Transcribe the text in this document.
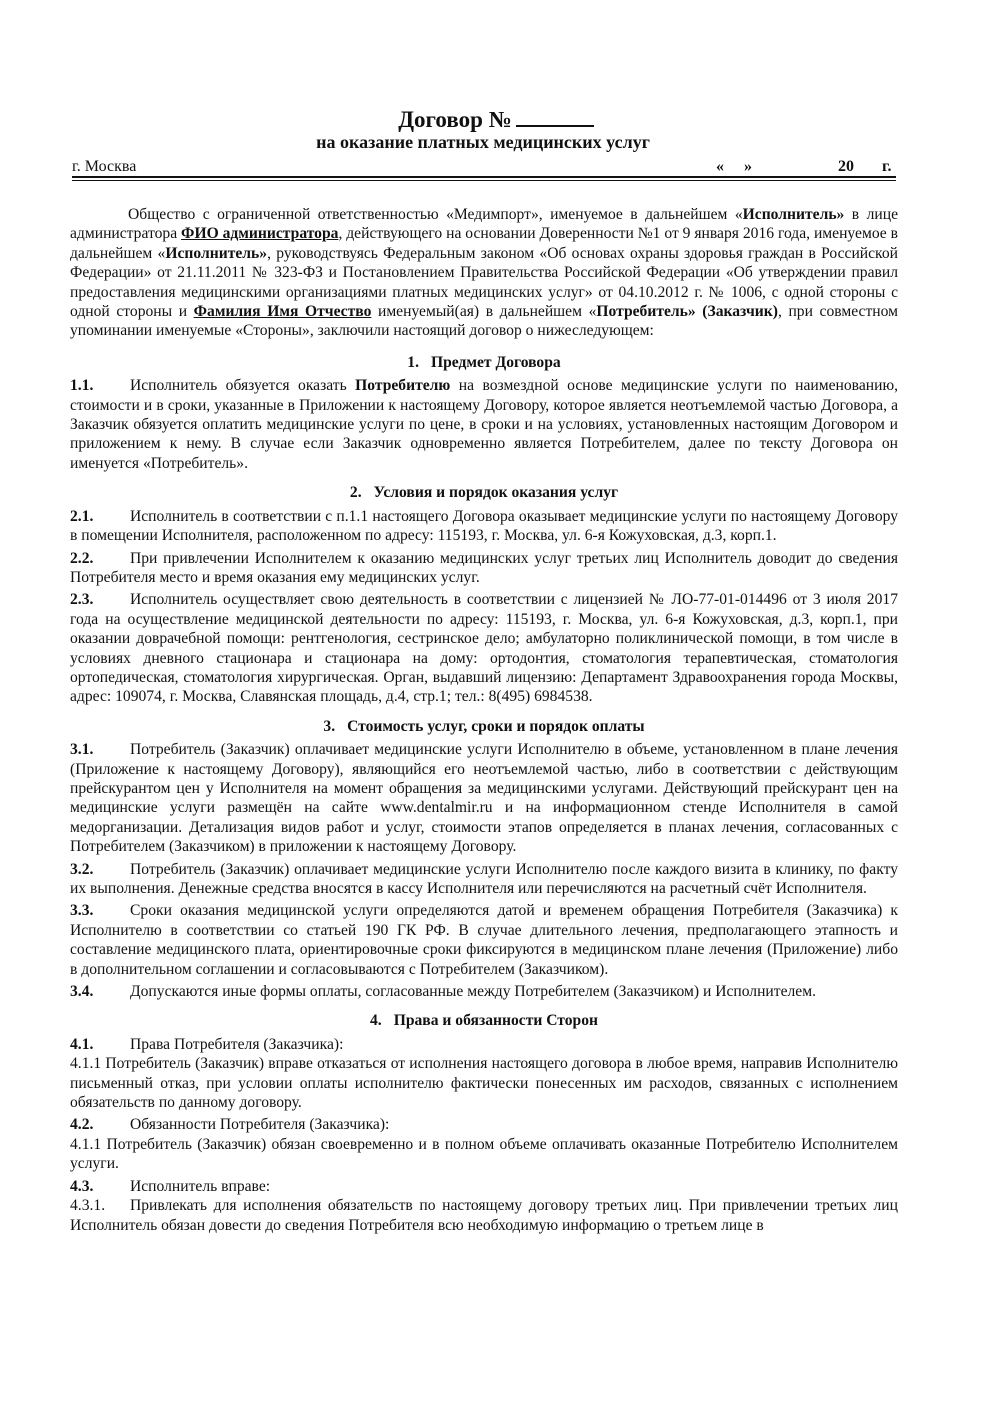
Договор №
на оказание платных медицинских услуг
г. Москва	« »	20 г.

Общество с ограниченной ответственностью «Медимпорт», именуемое в дальнейшем «Исполнитель» в лице администратора ФИО администратора, действующего на основании Доверенности №1 от 9 января 2016 года, именуемое в дальнейшем «Исполнитель», руководствуясь Федеральным законом «Об основах охраны здоровья граждан в Российской Федерации» от 21.11.2011 № 323-ФЗ и Постановлением Правительства Российской Федерации «Об утверждении правил предоставления медицинскими организациями платных медицинских услуг» от 04.10.2012 г. № 1006, с одной стороны с одной стороны и Фамилия Имя Отчество именуемый(ая) в дальнейшем «Потребитель» (Заказчик), при совместном упоминании именуемые «Стороны», заключили настоящий договор о нижеследующем:

1. Предмет Договора

1.1. Исполнитель обязуется оказать Потребителю на возмездной основе медицинские услуги по наименованию, стоимости и в сроки, указанные в Приложении к настоящему Договору, которое является неотъемлемой частью Договора, а Заказчик обязуется оплатить медицинские услуги по цене, в сроки и на условиях, установленных настоящим Договором и приложением к нему. В случае если Заказчик одновременно является Потребителем, далее по тексту Договора он именуется «Потребитель».

2. Условия и порядок оказания услуг

2.1. Исполнитель в соответствии с п.1.1 настоящего Договора оказывает медицинские услуги по настоящему Договору в помещении Исполнителя, расположенном по адресу: 115193, г. Москва, ул. 6-я Кожуховская, д.3, корп.1.

2.2. При привлечении Исполнителем к оказанию медицинских услуг третьих лиц Исполнитель доводит до сведения Потребителя место и время оказания ему медицинских услуг.

2.3. Исполнитель осуществляет свою деятельность в соответствии с лицензией № ЛО-77-01-014496 от 3 июля 2017 года на осуществление медицинской деятельности по адресу: 115193, г. Москва, ул. 6-я Кожуховская, д.3, корп.1, при оказании доврачебной помощи: рентгенология, сестринское дело; амбулаторно поликлинической помощи, в том числе в условиях дневного стационара и стационара на дому: ортодонтия, стоматология терапевтическая, стоматология ортопедическая, стоматология хирургическая. Орган, выдавший лицензию: Департамент Здравоохранения города Москвы, адрес: 109074, г. Москва, Славянская площадь, д.4, стр.1; тел.: 8(495) 6984538.

3. Стоимость услуг, сроки и порядок оплаты

3.1. Потребитель (Заказчик) оплачивает медицинские услуги Исполнителю в объеме, установленном в плане лечения (Приложение к настоящему Договору), являющийся его неотъемлемой частью, либо в соответствии с действующим прейскурантом цен у Исполнителя на момент обращения за медицинскими услугами. Действующий прейскурант цен на медицинские услуги размещён на сайте www.dentalmir.ru и на информационном стенде Исполнителя в самой медорганизации. Детализация видов работ и услуг, стоимости этапов определяется в планах лечения, согласованных с Потребителем (Заказчиком) в приложении к настоящему Договору.

3.2. Потребитель (Заказчик) оплачивает медицинские услуги Исполнителю после каждого визита в клинику, по факту их выполнения. Денежные средства вносятся в кассу Исполнителя или перечисляются на расчетный счёт Исполнителя.

3.3. Сроки оказания медицинской услуги определяются датой и временем обращения Потребителя (Заказчика) к Исполнителю в соответствии со статьей 190 ГК РФ. В случае длительного лечения, предполагающего этапность и составление медицинского плата, ориентировочные сроки фиксируются в медицинском плане лечения (Приложение) либо в дополнительном соглашении и согласовываются с Потребителем (Заказчиком).

3.4. Допускаются иные формы оплаты, согласованные между Потребителем (Заказчиком) и Исполнителем.

4. Права и обязанности Сторон

4.1. Права Потребителя (Заказчика):

4.1.1 Потребитель (Заказчик) вправе отказаться от исполнения настоящего договора в любое время, направив Исполнителю письменный отказ, при условии оплаты исполнителю фактически понесенных им расходов, связанных с исполнением обязательств по данному договору.

4.2. Обязанности Потребителя (Заказчика):

4.1.1 Потребитель (Заказчик) обязан своевременно и в полном объеме оплачивать оказанные Потребителю Исполнителем услуги.

4.3. Исполнитель вправе:

4.3.1. Привлекать для исполнения обязательств по настоящему договору третьих лиц. При привлечении третьих лиц Исполнитель обязан довести до сведения Потребителя всю необходимую информацию о третьем лице в
